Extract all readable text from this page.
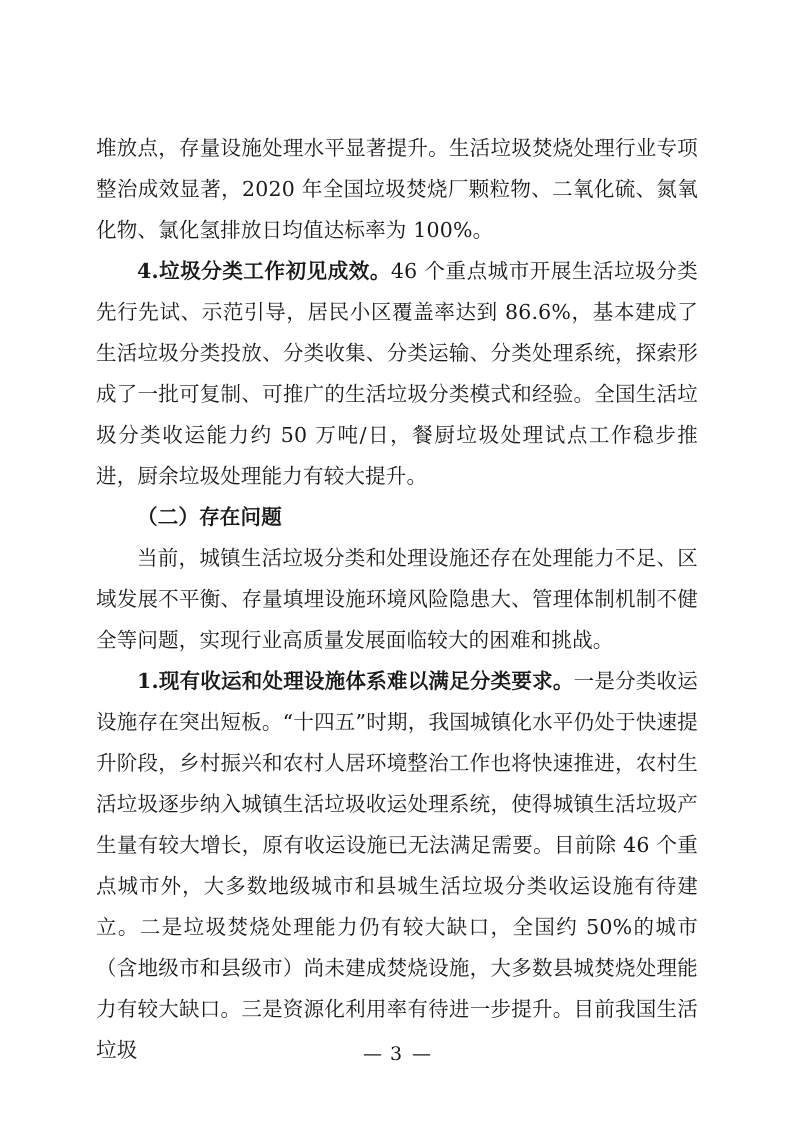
堆放点，存量设施处理水平显著提升。生活垃圾焚烧处理行业专项整治成效显著，2020 年全国垃圾焚烧厂颗粒物、二氧化硫、氮氧化物、氯化氢排放日均值达标率为 100%。

4.垃圾分类工作初见成效。46 个重点城市开展生活垃圾分类先行先试、示范引导，居民小区覆盖率达到 86.6%，基本建成了生活垃圾分类投放、分类收集、分类运输、分类处理系统，探索形成了一批可复制、可推广的生活垃圾分类模式和经验。全国生活垃圾分类收运能力约 50 万吨/日，餐厨垃圾处理试点工作稳步推进，厨余垃圾处理能力有较大提升。

（二）存在问题

当前，城镇生活垃圾分类和处理设施还存在处理能力不足、区域发展不平衡、存量填埋设施环境风险隐患大、管理体制机制不健全等问题，实现行业高质量发展面临较大的困难和挑战。

1.现有收运和处理设施体系难以满足分类要求。一是分类收运设施存在突出短板。“十四五”时期，我国城镇化水平仍处于快速提升阶段，乡村振兴和农村人居环境整治工作也将快速推进，农村生活垃圾逐步纳入城镇生活垃圾收运处理系统，使得城镇生活垃圾产生量有较大增长，原有收运设施已无法满足需要。目前除 46 个重点城市外，大多数地级城市和县城生活垃圾分类收运设施有待建立。二是垃圾焚烧处理能力仍有较大缺口，全国约 50%的城市（含地级市和县级市）尚未建成焚烧设施，大多数县城焚烧处理能力有较大缺口。三是资源化利用率有待进一步提升。目前我国生活垃圾	— 3 —
